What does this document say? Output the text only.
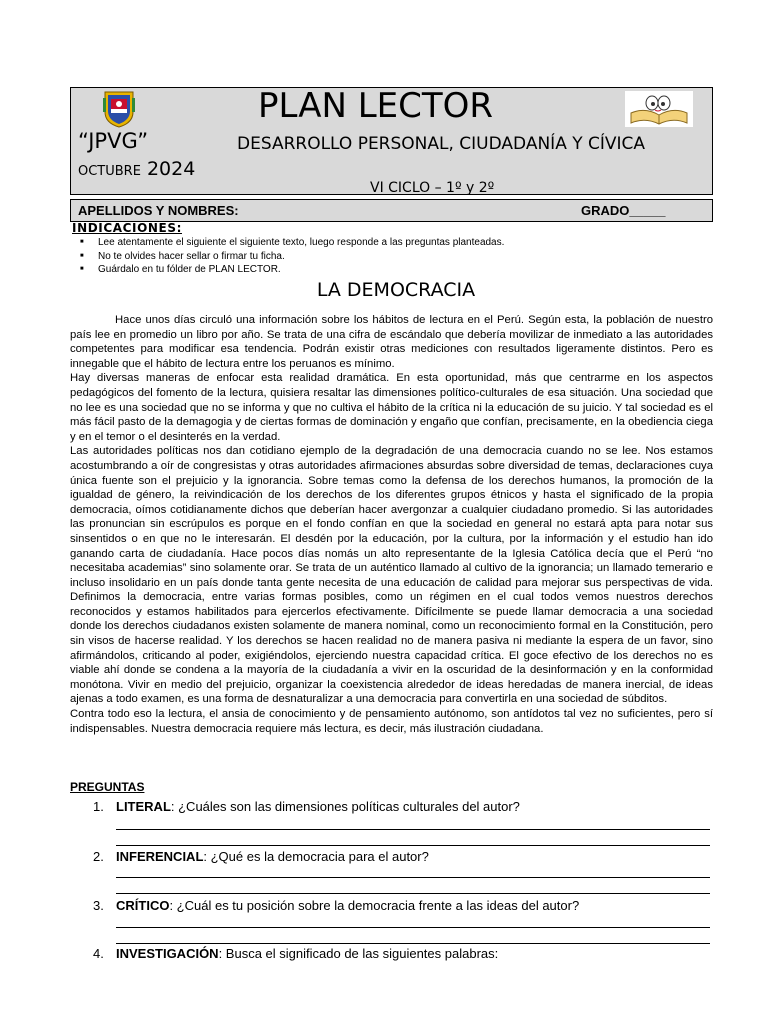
PLAN LECTOR
“JPVG”	DESARROLLO PERSONAL, CIUDADANÍA Y CÍVICA
octubre 2024
VI CICLO – 1º y 2º
APELLIDOS Y NOMBRES:	GRADO_____
INDICACIONES:
■ Lee atentamente el siguiente el siguiente texto, luego responde a las preguntas planteadas.
■ No te olvides hacer sellar o firmar tu ficha.
■ Guárdalo en tu fólder de PLAN LECTOR.
LA DEMOCRACIA

Hace unos días circuló una información sobre los hábitos de lectura en el Perú. Según esta, la población de nuestro país lee en promedio un libro por año. Se trata de una cifra de escándalo que debería movilizar de inmediato a las autoridades competentes para modificar esa tendencia. Podrán existir otras mediciones con resultados ligeramente distintos. Pero es innegable que el hábito de lectura entre los peruanos es mínimo.

Hay diversas maneras de enfocar esta realidad dramática. En esta oportunidad, más que centrarme en los aspectos pedagógicos del fomento de la lectura, quisiera resaltar las dimensiones político-culturales de esa situación. Una sociedad que no lee es una sociedad que no se informa y que no cultiva el hábito de la crítica ni la educación de su juicio. Y tal sociedad es el más fácil pasto de la demagogia y de ciertas formas de dominación y engaño que confían, precisamente, en la obediencia ciega y en el temor o el desinterés en la verdad.

Las autoridades políticas nos dan cotidiano ejemplo de la degradación de una democracia cuando no se lee. Nos estamos acostumbrando a oír de congresistas y otras autoridades afirmaciones absurdas sobre diversidad de temas, declaraciones cuya única fuente son el prejuicio y la ignorancia. Sobre temas como la defensa de los derechos humanos, la promoción de la igualdad de género, la reivindicación de los derechos de los diferentes grupos étnicos y hasta el significado de la propia democracia, oímos cotidianamente dichos que deberían hacer avergonzar a cualquier ciudadano promedio. Si las autoridades las pronuncian sin escrúpulos es porque en el fondo confían en que la sociedad en general no estará apta para notar sus sinsentidos o en que no le interesarán. El desdén por la educación, por la cultura, por la información y el estudio han ido ganando carta de ciudadanía. Hace pocos días nomás un alto representante de la Iglesia Católica decía que el Perú “no necesitaba academias” sino solamente orar. Se trata de un auténtico llamado al cultivo de la ignorancia; un llamado temerario e incluso insolidario en un país donde tanta gente necesita de una educación de calidad para mejorar sus perspectivas de vida. Definimos la democracia, entre varias formas posibles, como un régimen en el cual todos vemos nuestros derechos reconocidos y estamos habilitados para ejercerlos efectivamente. Difícilmente se puede llamar democracia a una sociedad donde los derechos ciudadanos existen solamente de manera nominal, como un reconocimiento formal en la Constitución, pero sin visos de hacerse realidad. Y los derechos se hacen realidad no de manera pasiva ni mediante la espera de un favor, sino afirmándolos, criticando al poder, exigiéndolos, ejerciendo nuestra capacidad crítica. El goce efectivo de los derechos no es viable ahí donde se condena a la mayoría de la ciudadanía a vivir en la oscuridad de la desinformación y en la conformidad monótona. Vivir en medio del prejuicio, organizar la coexistencia alrededor de ideas heredadas de manera inercial, de ideas ajenas a todo examen, es una forma de desnaturalizar a una democracia para convertirla en una sociedad de súbditos.

Contra todo eso la lectura, el ansia de conocimiento y de pensamiento autónomo, son antídotos tal vez no suficientes, pero sí indispensables. Nuestra democracia requiere más lectura, es decir, más ilustración ciudadana.

PREGUNTAS
1. LITERAL: ¿Cuáles son las dimensiones políticas culturales del autor?
2. INFERENCIAL: ¿Qué es la democracia para el autor?
3. CRÍTICO: ¿Cuál es tu posición sobre la democracia frente a las ideas del autor?
4. INVESTIGACIÓN: Busca el significado de las siguientes palabras:
